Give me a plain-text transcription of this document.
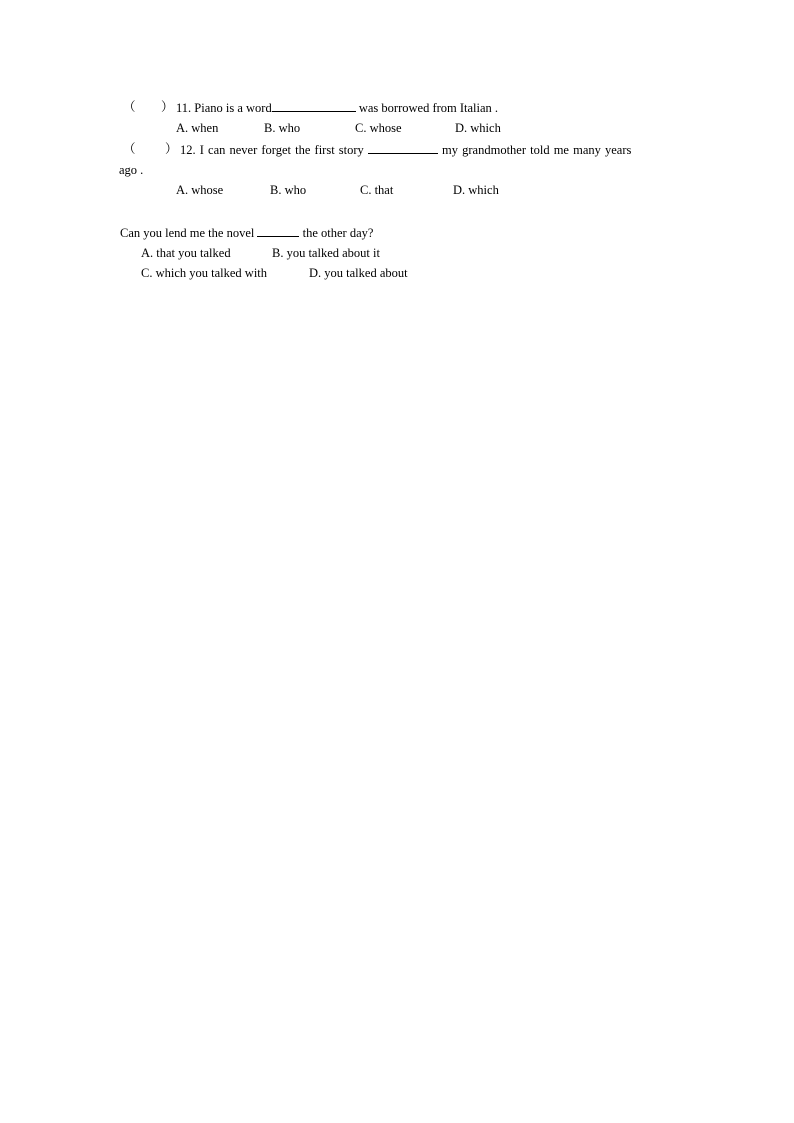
（ ） 11. Piano is a word	was borrowed from Italian .
A. when	B. who	C. whose	D. which
（ ） 12. I can never forget the first story	my grandmother told me many years
ago .
A. whose	B. who	C. that	D. which
Can you lend me the novel	the other day?
A. that you talked	B. you talked about it
C. which you talked with	D. you talked about
